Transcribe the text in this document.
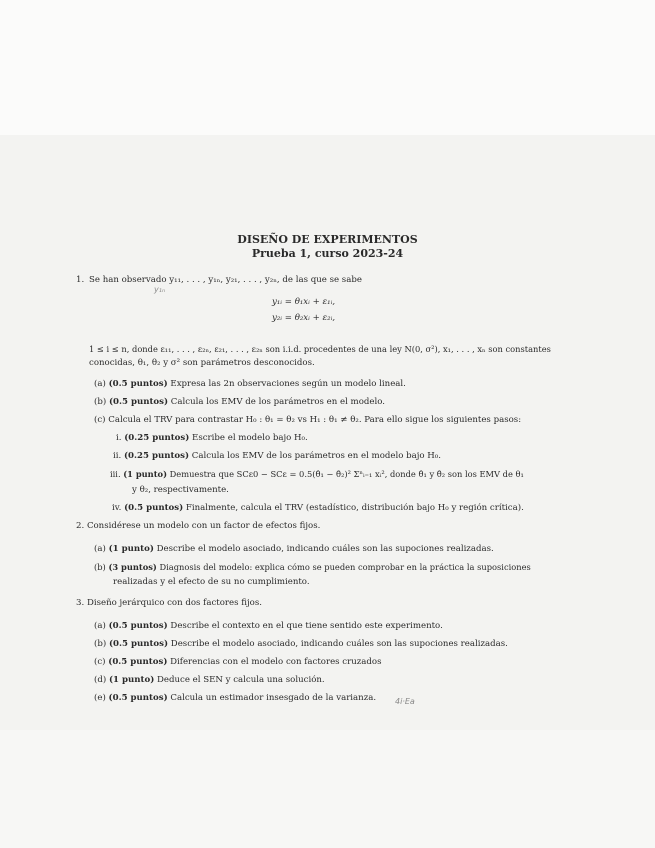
DISEÑO DE EXPERIMENTOS
Prueba 1, curso 2023-24
1. Se han observado y₁₁, . . . , y₁ₙ, y₂₁, . . . , y₂ₙ, de las que se sabe
y₁ₙ
y₁ᵢ = θ₁xᵢ + ε₁ᵢ,
y₂ᵢ = θ₂xᵢ + ε₂ᵢ,
1 ≤ i ≤ n, donde ε₁₁, . . . , ε₂ₙ, ε₂₁, . . . , ε₂ₙ son i.i.d. procedentes de una ley N(0, σ²), x₁, . . . , xₙ son constantes
conocidas, θ₁, θ₂ y σ² son parámetros desconocidos.
(a) (0.5 puntos) Expresa las 2n observaciones según un modelo lineal.
(b) (0.5 puntos) Calcula los EMV de los parámetros en el modelo.
(c) Calcula el TRV para contrastar H₀ : θ₁ = θ₂ vs H₁ : θ₁ ≠ θ₂. Para ello sigue los siguientes pasos:
i. (0.25 puntos) Escribe el modelo bajo H₀.
ii. (0.25 puntos) Calcula los EMV de los parámetros en el modelo bajo H₀.
iii. (1 punto) Demuestra que SCε0 − SCε = 0.5(θ̂₁ − θ̂₂)² Σⁿᵢ₌₁ xᵢ², donde θ̂₁ y θ̂₂ son los EMV de θ₁
y θ₂, respectivamente.
iv. (0.5 puntos) Finalmente, calcula el TRV (estadístico, distribución bajo H₀ y región crítica).
2. Considérese un modelo con un factor de efectos fijos.
(a) (1 punto) Describe el modelo asociado, indicando cuáles son las supociones realizadas.
(b) (3 puntos) Diagnosis del modelo: explica cómo se pueden comprobar en la práctica la suposiciones
realizadas y el efecto de su no cumplimiento.
3. Diseño jerárquico con dos factores fijos.
(a) (0.5 puntos) Describe el contexto en el que tiene sentido este experimento.
(b) (0.5 puntos) Describe el modelo asociado, indicando cuáles son las supociones realizadas.
(c) (0.5 puntos) Diferencias con el modelo con factores cruzados
(d) (1 punto) Deduce el SEN y calcula una solución.
(e) (0.5 puntos) Calcula un estimador insesgado de la varianza. 4i·Ea
